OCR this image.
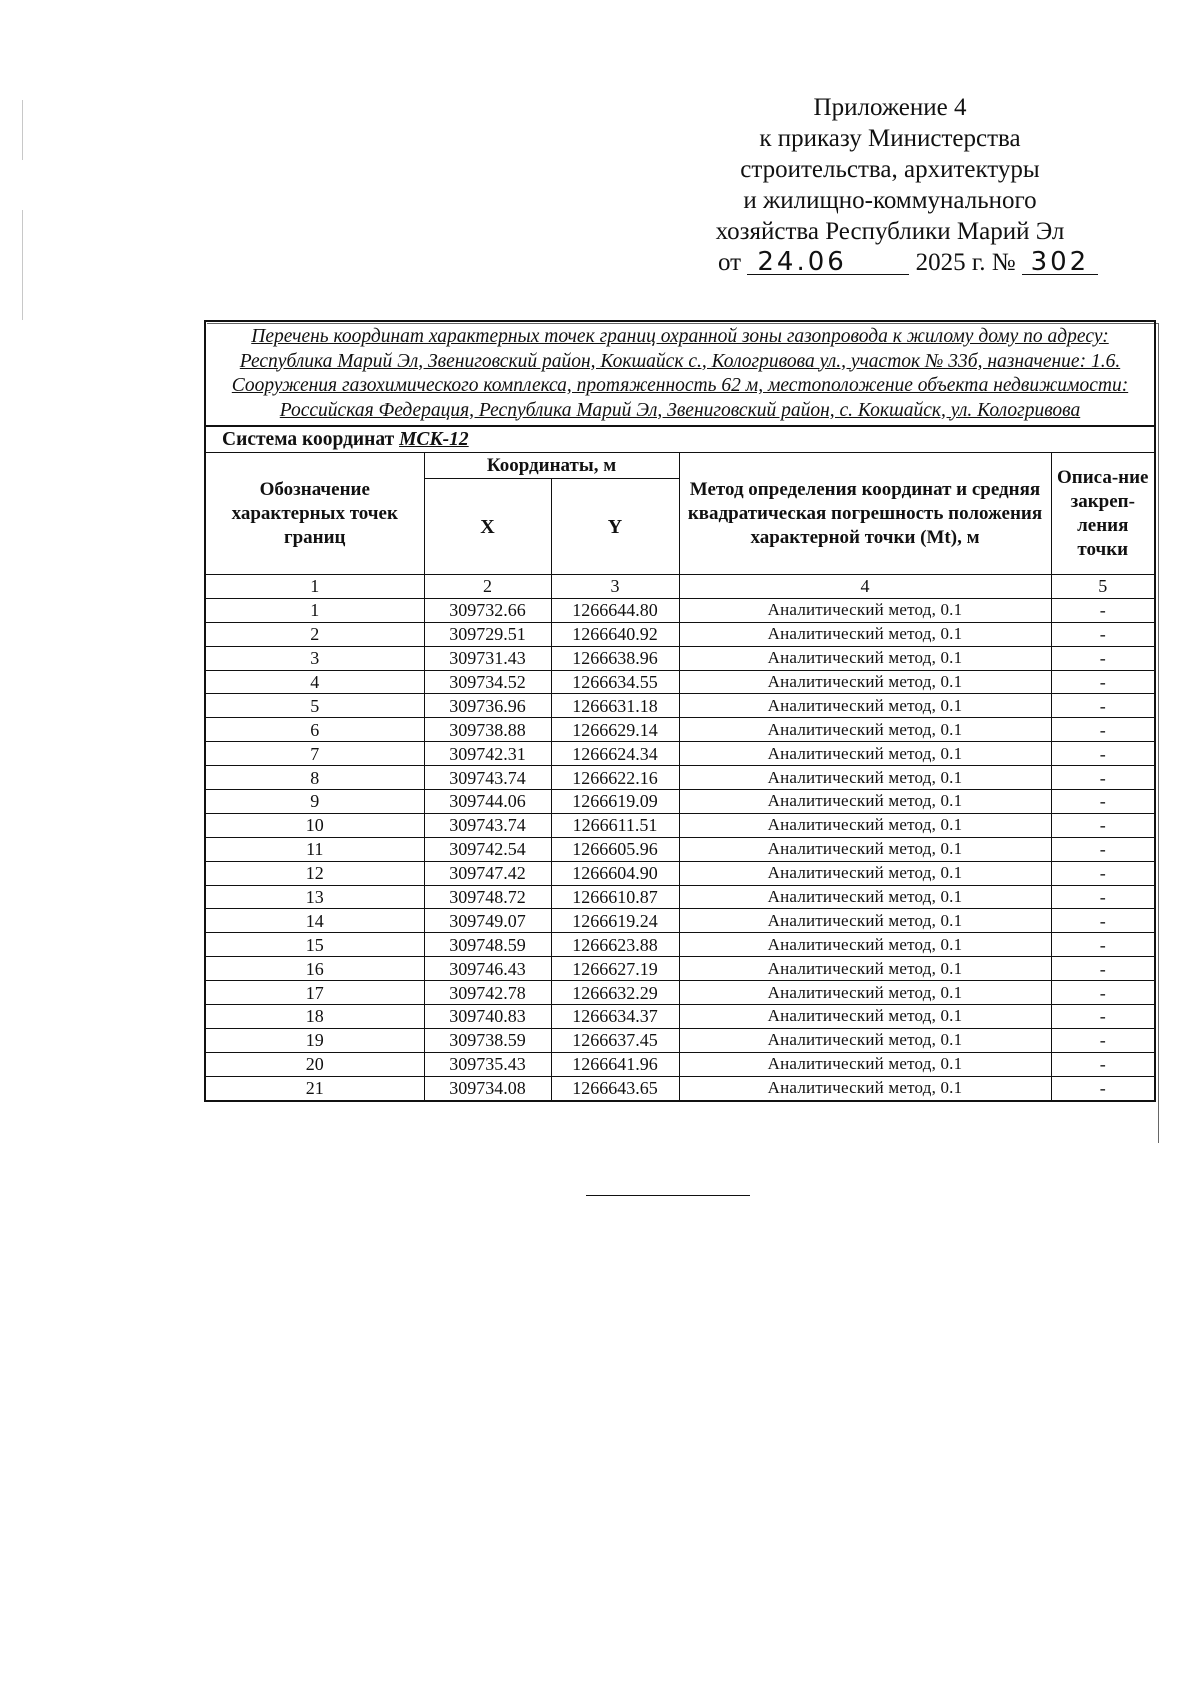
Приложение 4
к приказу Министерства
строительства, архитектуры
и жилищно-коммунального
хозяйства Республики Марий Эл
от 24.06	2025 г. № 302
Перечень координат характерных точек границ охранной зоны газопровода к жилому дому по адресу: Республика Марий Эл, Звениговский район, Кокшайск с., Кологривова ул., участок № 33б, назначение: 1.6. Сооружения газохимического комплекса, протяженность 62 м, местоположение объекта недвижимости: Российская Федерация, Республика Марий Эл, Звениговский район, с. Кокшайск, ул. Кологривова
Система координат МСК-12
Обозначение характерных точек границ	Координаты, м		Метод определения координат и средняя квадратическая погрешность положения характерной точки (Mt), м	Описа-ние закреп-ления точки
	X	Y		
1	2	3	4	5
1	309732.66	1266644.80	Аналитический метод, 0.1	-
2	309729.51	1266640.92	Аналитический метод, 0.1	-
3	309731.43	1266638.96	Аналитический метод, 0.1	-
4	309734.52	1266634.55	Аналитический метод, 0.1	-
5	309736.96	1266631.18	Аналитический метод, 0.1	-
6	309738.88	1266629.14	Аналитический метод, 0.1	-
7	309742.31	1266624.34	Аналитический метод, 0.1	-
8	309743.74	1266622.16	Аналитический метод, 0.1	-
9	309744.06	1266619.09	Аналитический метод, 0.1	-
10	309743.74	1266611.51	Аналитический метод, 0.1	-
11	309742.54	1266605.96	Аналитический метод, 0.1	-
12	309747.42	1266604.90	Аналитический метод, 0.1	-
13	309748.72	1266610.87	Аналитический метод, 0.1	-
14	309749.07	1266619.24	Аналитический метод, 0.1	-
15	309748.59	1266623.88	Аналитический метод, 0.1	-
16	309746.43	1266627.19	Аналитический метод, 0.1	-
17	309742.78	1266632.29	Аналитический метод, 0.1	-
18	309740.83	1266634.37	Аналитический метод, 0.1	-
19	309738.59	1266637.45	Аналитический метод, 0.1	-
20	309735.43	1266641.96	Аналитический метод, 0.1	-
21	309734.08	1266643.65	Аналитический метод, 0.1	-
